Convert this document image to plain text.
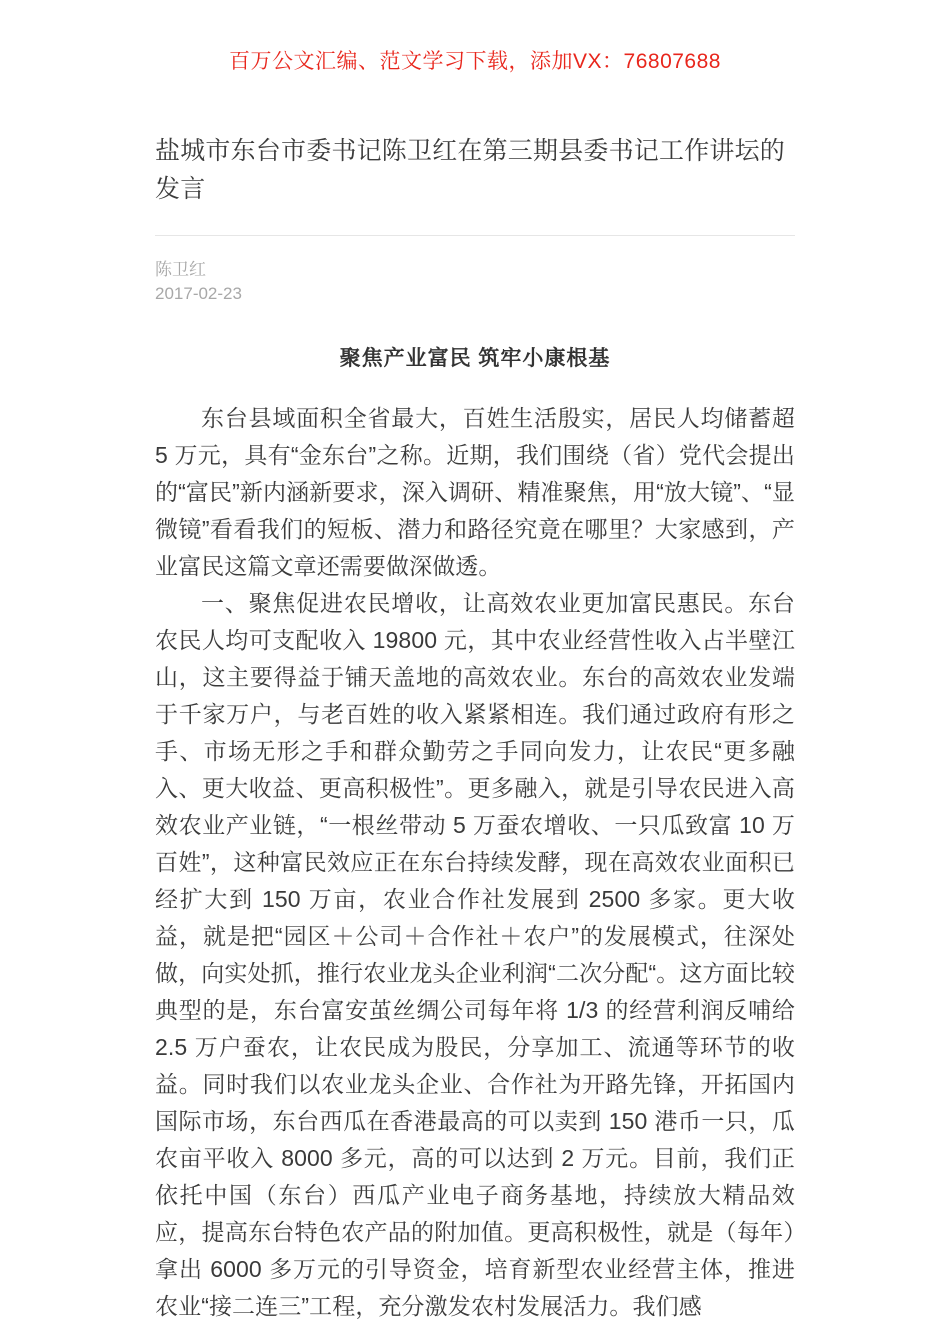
百万公文汇编、范文学习下载，添加VX：76807688
盐城市东台市委书记陈卫红在第三期县委书记工作讲坛的发言
陈卫红
2017-02-23
聚焦产业富民 筑牢小康根基

东台县域面积全省最大，百姓生活殷实，居民人均储蓄超 5 万元，具有“金东台”之称。近期，我们围绕（省）党代会提出的“富民”新内涵新要求，深入调研、精准聚焦，用“放大镜”、“显微镜”看看我们的短板、潜力和路径究竟在哪里？大家感到，产业富民这篇文章还需要做深做透。

一、聚焦促进农民增收，让高效农业更加富民惠民。东台农民人均可支配收入 19800 元，其中农业经营性收入占半壁江山，这主要得益于铺天盖地的高效农业。东台的高效农业发端于千家万户，与老百姓的收入紧紧相连。我们通过政府有形之手、市场无形之手和群众勤劳之手同向发力，让农民“更多融入、更大收益、更高积极性”。更多融入，就是引导农民进入高效农业产业链，“一根丝带动 5 万蚕农增收、一只瓜致富 10 万百姓”，这种富民效应正在东台持续发酵，现在高效农业面积已经扩大到 150 万亩，农业合作社发展到 2500 多家。更大收益，就是把“园区＋公司＋合作社＋农户”的发展模式，往深处做，向实处抓，推行农业龙头企业利润“二次分配“。这方面比较典型的是，东台富安茧丝绸公司每年将 1/3 的经营利润反哺给 2.5 万户蚕农，让农民成为股民，分享加工、流通等环节的收益。同时我们以农业龙头企业、合作社为开路先锋，开拓国内国际市场，东台西瓜在香港最高的可以卖到 150 港币一只，瓜农亩平收入 8000 多元，高的可以达到 2 万元。目前，我们正依托中国（东台）西瓜产业电子商务基地，持续放大精品效应，提高东台特色农产品的附加值。更高积极性，就是（每年）拿出 6000 多万元的引导资金，培育新型农业经营主体，推进农业“接二连三”工程，充分激发农村发展活力。我们感
